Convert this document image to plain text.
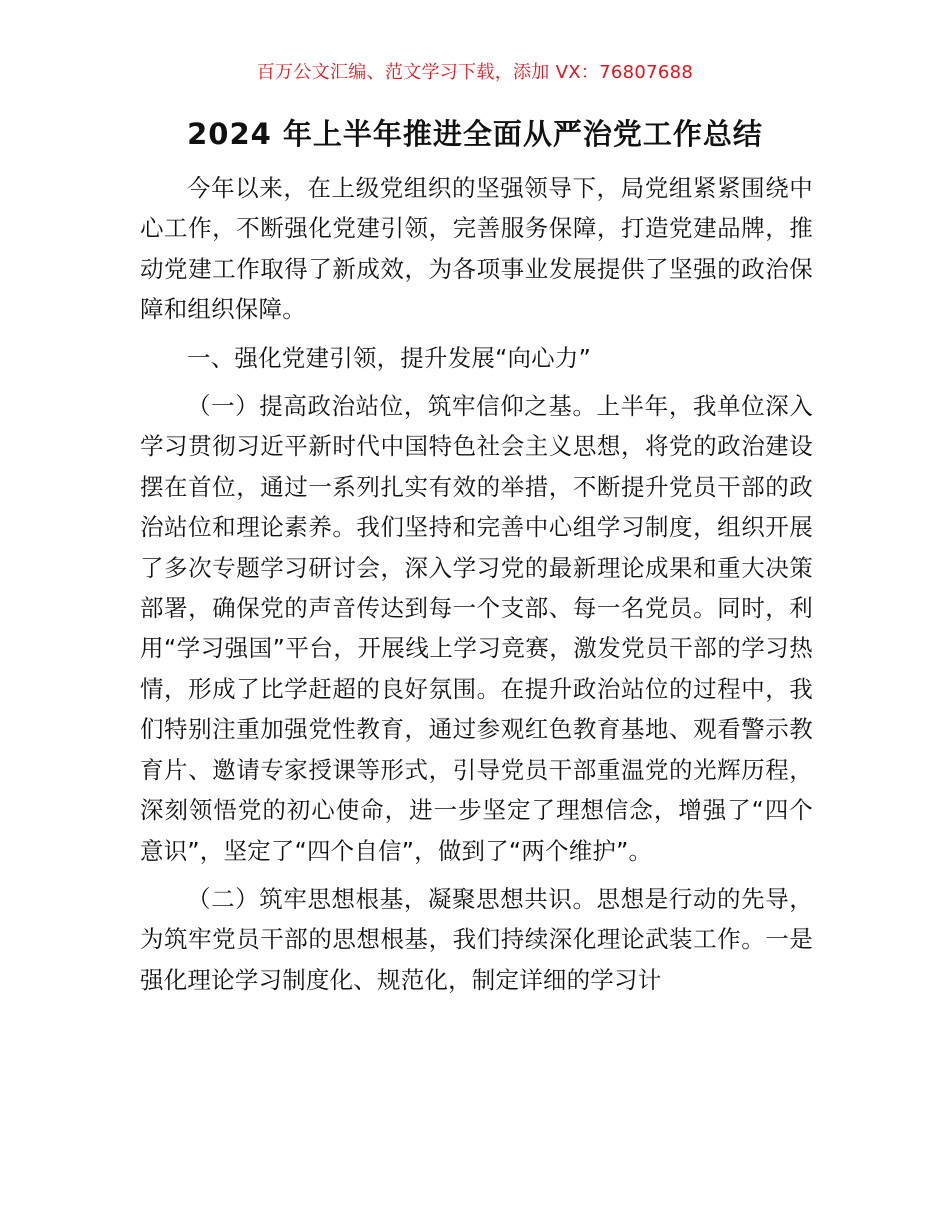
百万公文汇编、范文学习下载，添加 VX：76807688
2024 年上半年推进全面从严治党工作总结

今年以来，在上级党组织的坚强领导下，局党组紧紧围绕中心工作，不断强化党建引领，完善服务保障，打造党建品牌，推动党建工作取得了新成效，为各项事业发展提供了坚强的政治保障和组织保障。

一、强化党建引领，提升发展“向心力”

（一）提高政治站位，筑牢信仰之基。上半年，我单位深入学习贯彻习近平新时代中国特色社会主义思想，将党的政治建设摆在首位，通过一系列扎实有效的举措，不断提升党员干部的政治站位和理论素养。我们坚持和完善中心组学习制度，组织开展了多次专题学习研讨会，深入学习党的最新理论成果和重大决策部署，确保党的声音传达到每一个支部、每一名党员。同时，利用“学习强国”平台，开展线上学习竞赛，激发党员干部的学习热情，形成了比学赶超的良好氛围。在提升政治站位的过程中，我们特别注重加强党性教育，通过参观红色教育基地、观看警示教育片、邀请专家授课等形式，引导党员干部重温党的光辉历程，深刻领悟党的初心使命，进一步坚定了理想信念，增强了“四个意识”，坚定了“四个自信”，做到了“两个维护”。

（二）筑牢思想根基，凝聚思想共识。思想是行动的先导，为筑牢党员干部的思想根基，我们持续深化理论武装工作。一是强化理论学习制度化、规范化，制定详细的学习计
